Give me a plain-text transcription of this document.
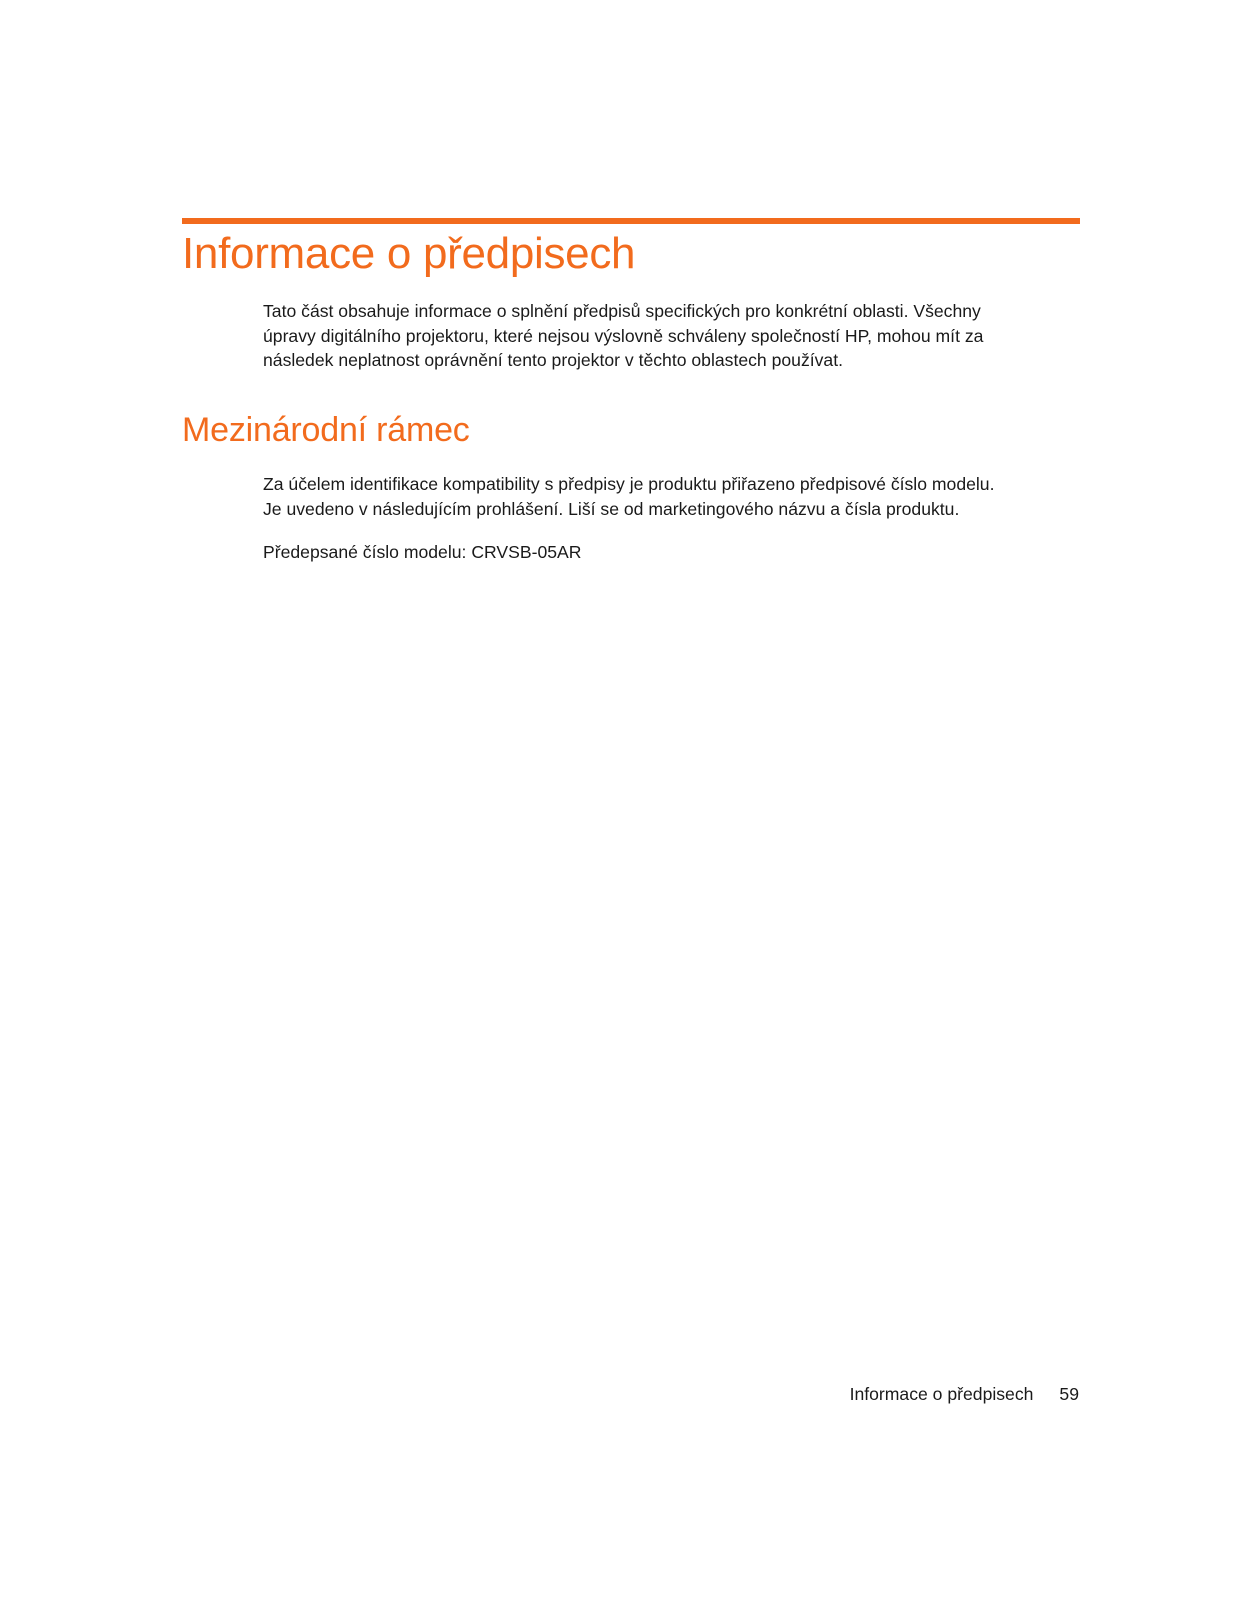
Informace o předpisech

Tato část obsahuje informace o splnění předpisů specifických pro konkrétní oblasti. Všechny
úpravy digitálního projektoru, které nejsou výslovně schváleny společností HP, mohou mít za
následek neplatnost oprávnění tento projektor v těchto oblastech používat.

Mezinárodní rámec

Za účelem identifikace kompatibility s předpisy je produktu přiřazeno předpisové číslo modelu.
Je uvedeno v následujícím prohlášení. Liší se od marketingového názvu a čísla produktu.

Předepsané číslo modelu: CRVSB-05AR

Informace o předpisech 59
